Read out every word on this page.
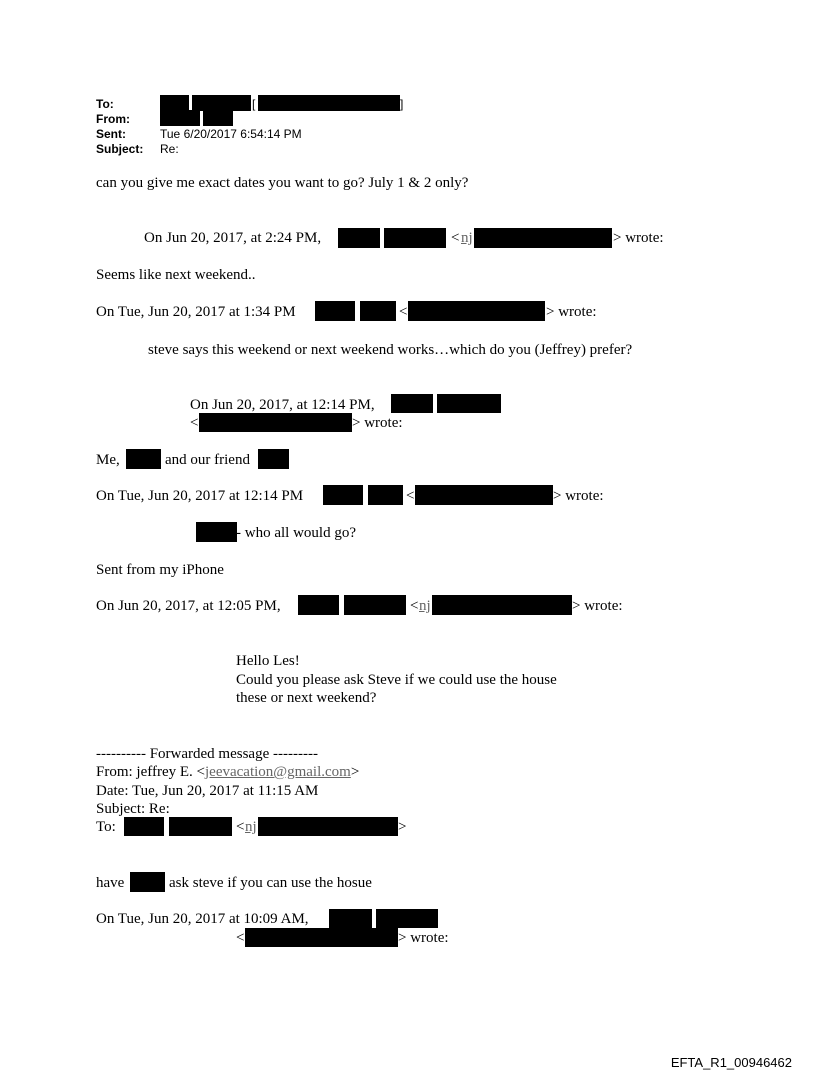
To:	[	]
From:
Sent:	Tue 6/20/2017 6:54:14 PM
Subject: Re:
can you give me exact dates you want to go? July 1 & 2 only?
On Jun 20, 2017, at 2:24 PM,	< nj	> wrote:
Seems like next weekend..
On Tue, Jun 20, 2017 at 1:34 PM	<	> wrote:
steve says this weekend or next weekend works…which do you (Jeffrey) prefer?
On Jun 20, 2017, at 12:14 PM,
<	> wrote:
Me,	and our friend
On Tue, Jun 20, 2017 at 12:14 PM	<	> wrote:
- who all would go?
Sent from my iPhone
On Jun 20, 2017, at 12:05 PM,	< nj	> wrote:
Hello Les!
Could you please ask Steve if we could use the house
these or next weekend?
---------- Forwarded message ---------
From: jeffrey E. <jeevacation@gmail.com>
Date: Tue, Jun 20, 2017 at 11:15 AM
Subject: Re:
To:	< nj	>
have	ask steve if you can use the hosue
On Tue, Jun 20, 2017 at 10:09 AM,
<	> wrote:
EFTA_R1_00946462
